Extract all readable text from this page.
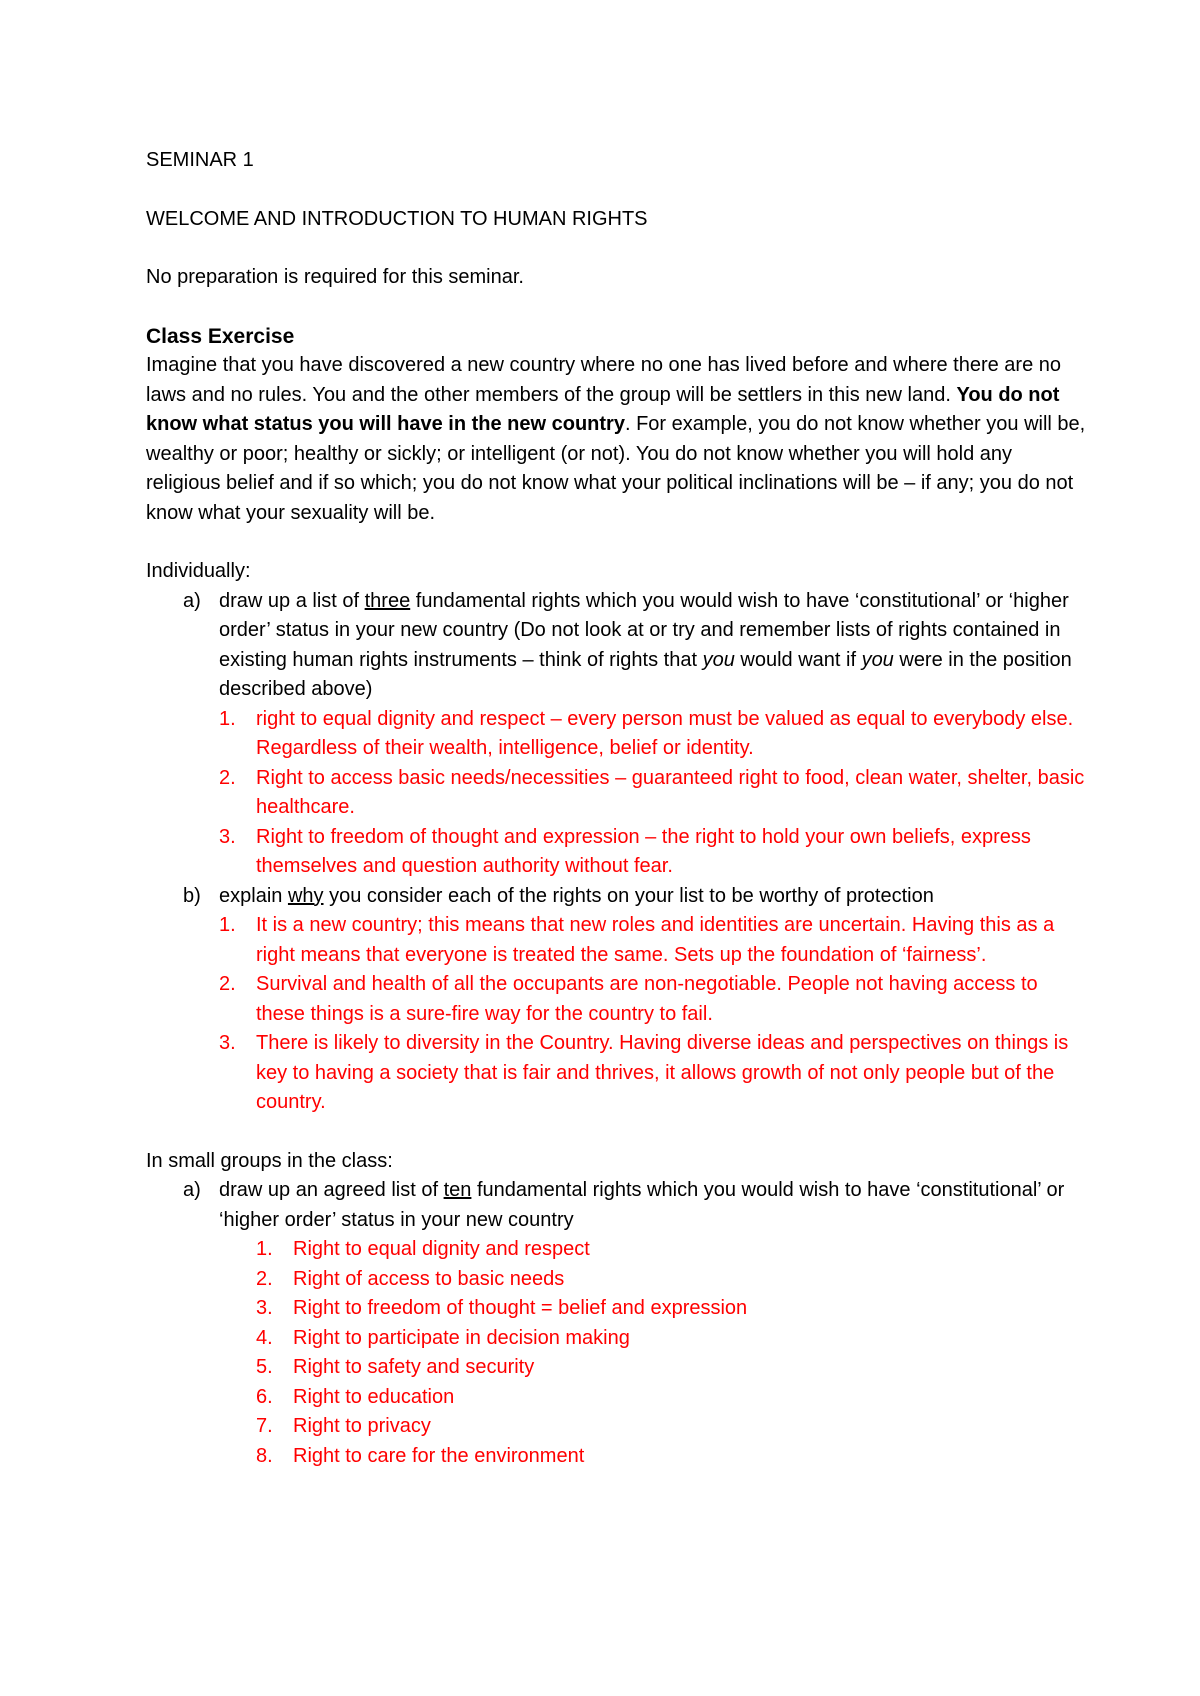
SEMINAR 1

WELCOME AND INTRODUCTION TO HUMAN RIGHTS

No preparation is required for this seminar.

Class Exercise

Imagine that you have discovered a new country where no one has lived before and where there are no laws and no rules. You and the other members of the group will be settlers in this new land. You do not know what status you will have in the new country. For example, you do not know whether you will be, wealthy or poor; healthy or sickly; or intelligent (or not). You do not know whether you will hold any religious belief and if so which; you do not know what your political inclinations will be – if any; you do not know what your sexuality will be.

Individually:

a) draw up a list of three fundamental rights which you would wish to have ‘constitutional’ or ‘higher order’ status in your new country (Do not look at or try and remember lists of rights contained in existing human rights instruments – think of rights that you would want if you were in the position described above)
1. right to equal dignity and respect – every person must be valued as equal to everybody else. Regardless of their wealth, intelligence, belief or identity.
2. Right to access basic needs/necessities – guaranteed right to food, clean water, shelter, basic healthcare.
3. Right to freedom of thought and expression – the right to hold your own beliefs, express themselves and question authority without fear.
b) explain why you consider each of the rights on your list to be worthy of protection
1. It is a new country; this means that new roles and identities are uncertain. Having this as a right means that everyone is treated the same. Sets up the foundation of ‘fairness’.
2. Survival and health of all the occupants are non-negotiable. People not having access to these things is a sure-fire way for the country to fail.
3. There is likely to diversity in the Country. Having diverse ideas and perspectives on things is key to having a society that is fair and thrives, it allows growth of not only people but of the country.

In small groups in the class:

a) draw up an agreed list of ten fundamental rights which you would wish to have ‘constitutional’ or ‘higher order’ status in your new country
1. Right to equal dignity and respect
2. Right of access to basic needs
3. Right to freedom of thought = belief and expression
4. Right to participate in decision making
5. Right to safety and security
6. Right to education
7. Right to privacy
8. Right to care for the environment
